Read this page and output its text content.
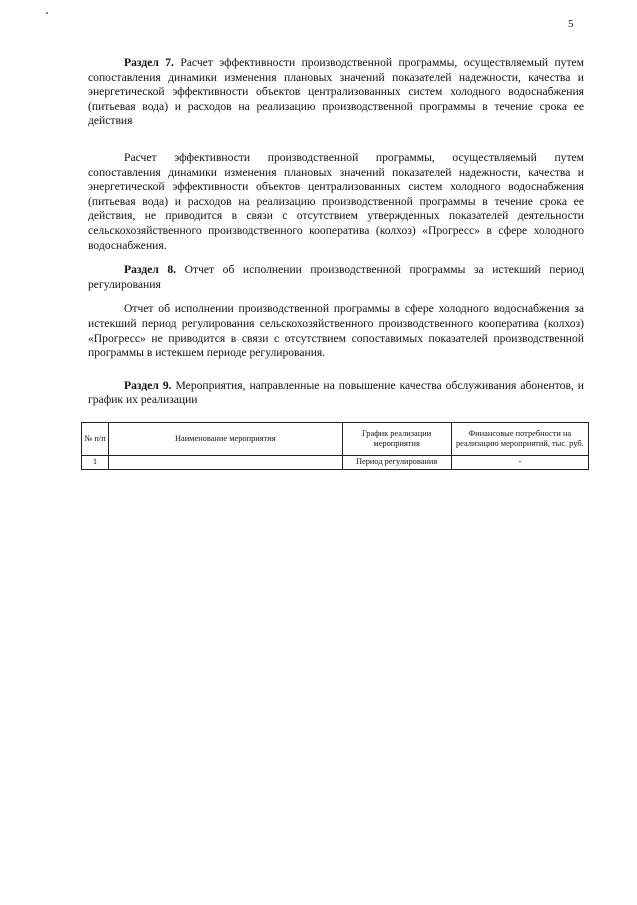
5

Раздел 7. Расчет эффективности производственной программы, осуществляемый путем сопоставления динамики изменения плановых значений показателей надежности, качества и энергетической эффективности объектов централизованных систем холодного водоснабжения (питьевая вода) и расходов на реализацию производственной программы в течение срока ее действия

Расчет эффективности производственной программы, осуществляемый путем сопоставления динамики изменения плановых значений показателей надежности, качества и энергетической эффективности объектов централизованных систем холодного водоснабжения (питьевая вода) и расходов на реализацию производственной программы в течение срока ее действия, не приводится в связи с отсутствием утвержденных показателей деятельности сельскохозяйственного производственного кооператива (колхоз) «Прогресс» в сфере холодного водоснабжения.

Раздел 8. Отчет об исполнении производственной программы за истекший период регулирования

Отчет об исполнении производственной программы в сфере холодного водоснабжения за истекший период регулирования сельскохозяйственного производственного кооператива (колхоз) «Прогресс» не приводится в связи с отсутствием сопоставимых показателей производственной программы в истекшем периоде регулирования.

Раздел 9. Мероприятия, направленные на повышение качества обслуживания абонентов, и график их реализации

№ п/п	Наименование мероприятия	График реализации мероприятия	Финансовые потребности на реализацию мероприятий, тыс. руб.
1		Период регулирования	-
